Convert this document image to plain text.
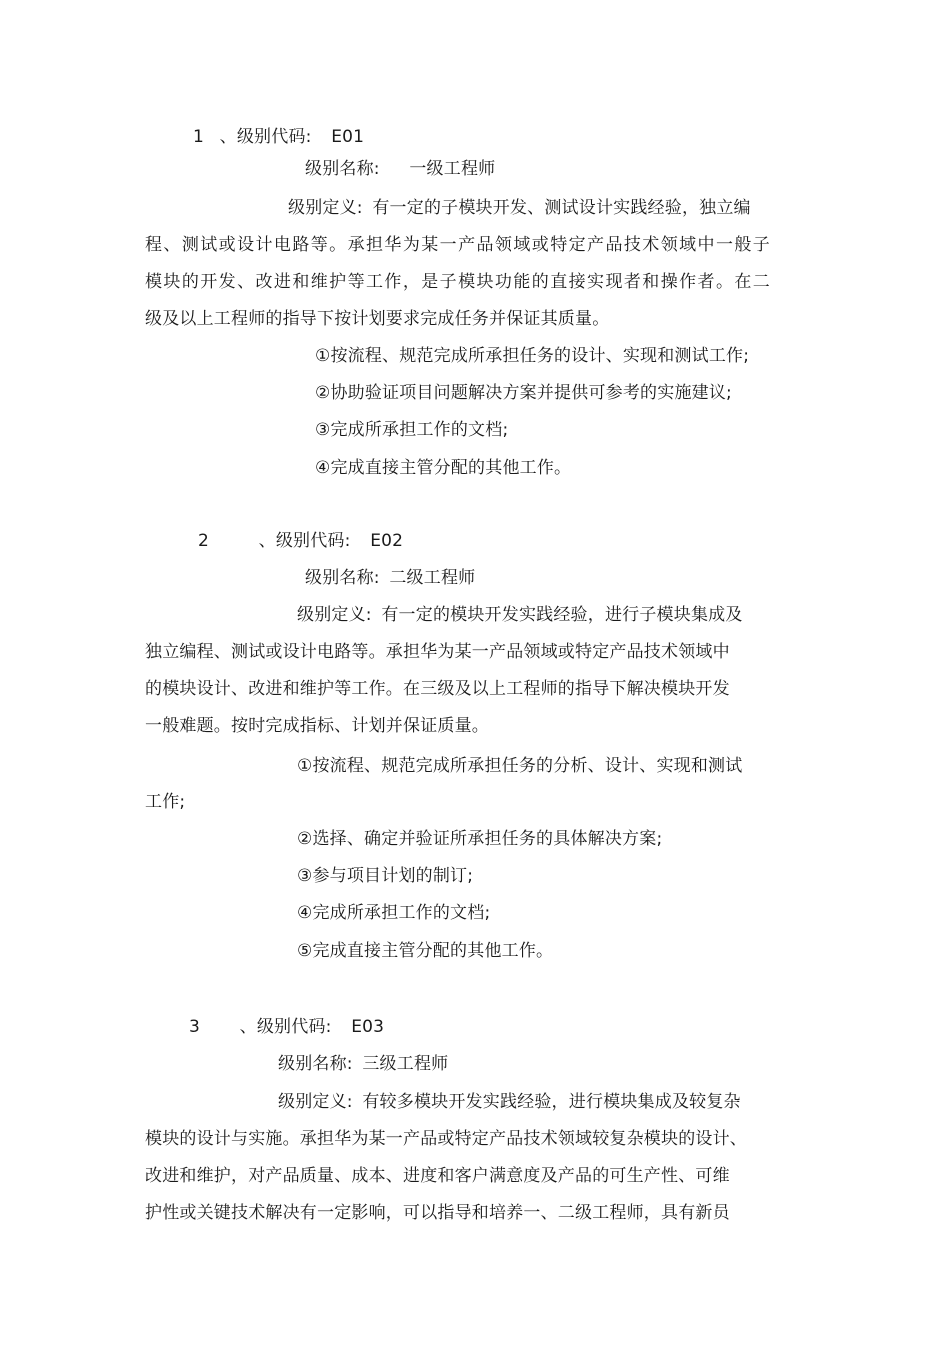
1 、级别代码: E01
级别名称: 一级工程师
级别定义: 有一定的子模块开发、测试设计实践经验，独立编
程、测试或设计电路等。承担华为某一产品领域或特定产品技术领域中一般子
模块的开发、改进和维护等工作，是子模块功能的直接实现者和操作者。在二
级及以上工程师的指导下按计划要求完成任务并保证其质量。
①按流程、规范完成所承担任务的设计、实现和测试工作;
②协助验证项目问题解决方案并提供可参考的实施建议;
③完成所承担工作的文档;
④完成直接主管分配的其他工作。
2	、级别代码: E02
级别名称: 二级工程师
级别定义: 有一定的模块开发实践经验，进行子模块集成及
独立编程、测试或设计电路等。承担华为某一产品领域或特定产品技术领域中
的模块设计、改进和维护等工作。在三级及以上工程师的指导下解决模块开发
一般难题。按时完成指标、计划并保证质量。
①按流程、规范完成所承担任务的分析、设计、实现和测试
工作;
②选择、确定并验证所承担任务的具体解决方案;
③参与项目计划的制订;
④完成所承担工作的文档;
⑤完成直接主管分配的其他工作。
3 、级别代码: E03
级别名称: 三级工程师
级别定义: 有较多模块开发实践经验，进行模块集成及较复杂
模块的设计与实施。承担华为某一产品或特定产品技术领域较复杂模块的设计、
改进和维护，对产品质量、成本、进度和客户满意度及产品的可生产性、可维
护性或关键技术解决有一定影响，可以指导和培养一、二级工程师，具有新员
